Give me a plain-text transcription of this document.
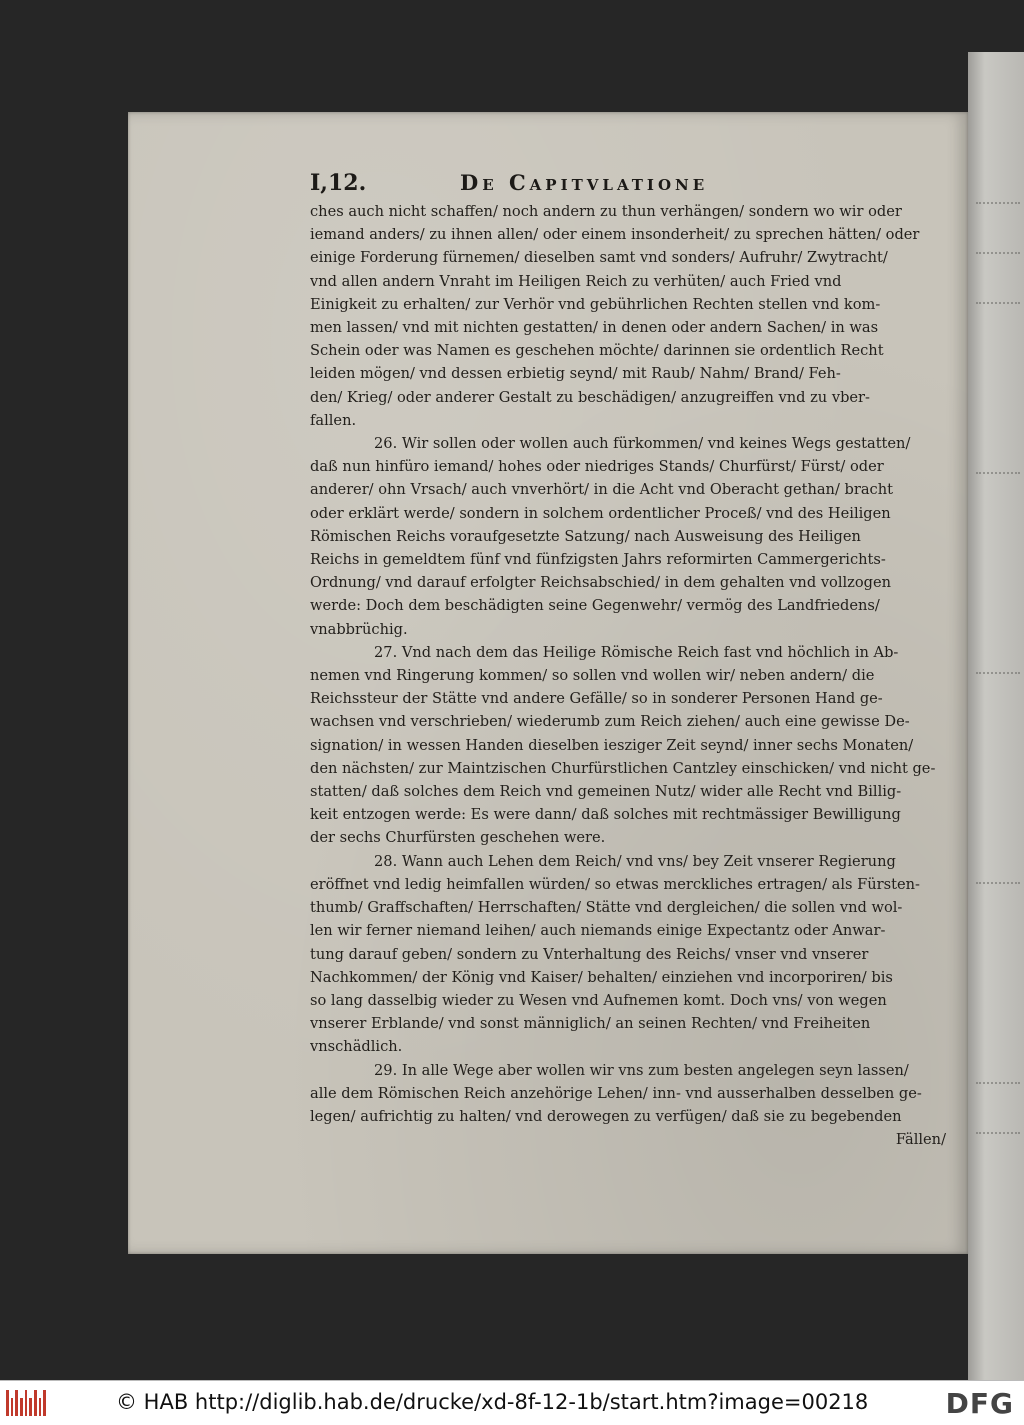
I,12.	De Capitvlatione
ches auch nicht schaffen/ noch andern zu thun verhängen/ sondern wo wir oder
iemand anders/ zu ihnen allen/ oder einem insonderheit/ zu sprechen hätten/ oder
einige Forderung fürnemen/ dieselben samt vnd sonders/ Aufruhr/ Zwytracht/
vnd allen andern Vnraht im Heiligen Reich zu verhüten/ auch Fried vnd
Einigkeit zu erhalten/ zur Verhör vnd gebührlichen Rechten stellen vnd kom-
men lassen/ vnd mit nichten gestatten/ in denen oder andern Sachen/ in was
Schein oder was Namen es geschehen möchte/ darinnen sie ordentlich Recht
leiden mögen/ vnd dessen erbietig seynd/ mit Raub/ Nahm/ Brand/ Feh-
den/ Krieg/ oder anderer Gestalt zu beschädigen/ anzugreiffen vnd zu vber-
fallen.
26. Wir sollen oder wollen auch fürkommen/ vnd keines Wegs gestatten/
daß nun hinfüro iemand/ hohes oder niedriges Stands/ Churfürst/ Fürst/ oder
anderer/ ohn Vrsach/ auch vnverhört/ in die Acht vnd Oberacht gethan/ bracht
oder erklärt werde/ sondern in solchem ordentlicher Proceß/ vnd des Heiligen
Römischen Reichs voraufgesetzte Satzung/ nach Ausweisung des Heiligen
Reichs in gemeldtem fünf vnd fünfzigsten Jahrs reformirten Cammergerichts-
Ordnung/ vnd darauf erfolgter Reichsabschied/ in dem gehalten vnd vollzogen
werde: Doch dem beschädigten seine Gegenwehr/ vermög des Landfriedens/
vnabbrüchig.
27. Vnd nach dem das Heilige Römische Reich fast vnd höchlich in Ab-
nemen vnd Ringerung kommen/ so sollen vnd wollen wir/ neben andern/ die
Reichssteur der Stätte vnd andere Gefälle/ so in sonderer Personen Hand ge-
wachsen vnd verschrieben/ wiederumb zum Reich ziehen/ auch eine gewisse De-
signation/ in wessen Handen dieselben iesziger Zeit seynd/ inner sechs Monaten/
den nächsten/ zur Maintzischen Churfürstlichen Cantzley einschicken/ vnd nicht ge-
statten/ daß solches dem Reich vnd gemeinen Nutz/ wider alle Recht vnd Billig-
keit entzogen werde: Es were dann/ daß solches mit rechtmässiger Bewilligung
der sechs Churfürsten geschehen were.
28. Wann auch Lehen dem Reich/ vnd vns/ bey Zeit vnserer Regierung
eröffnet vnd ledig heimfallen würden/ so etwas merckliches ertragen/ als Fürsten-
thumb/ Graffschaften/ Herrschaften/ Stätte vnd dergleichen/ die sollen vnd wol-
len wir ferner niemand leihen/ auch niemands einige Expectantz oder Anwar-
tung darauf geben/ sondern zu Vnterhaltung des Reichs/ vnser vnd vnserer
Nachkommen/ der König vnd Kaiser/ behalten/ einziehen vnd incorporiren/ bis
so lang dasselbig wieder zu Wesen vnd Aufnemen komt. Doch vns/ von wegen
vnserer Erblande/ vnd sonst männiglich/ an seinen Rechten/ vnd Freiheiten
vnschädlich.
29. In alle Wege aber wollen wir vns zum besten angelegen seyn lassen/
alle dem Römischen Reich anzehörige Lehen/ inn- vnd ausserhalben desselben ge-
legen/ aufrichtig zu halten/ vnd derowegen zu verfügen/ daß sie zu begebenden
Fällen/
© HAB http://diglib.hab.de/drucke/xd-8f-12-1b/start.htm?image=00218	DFG
